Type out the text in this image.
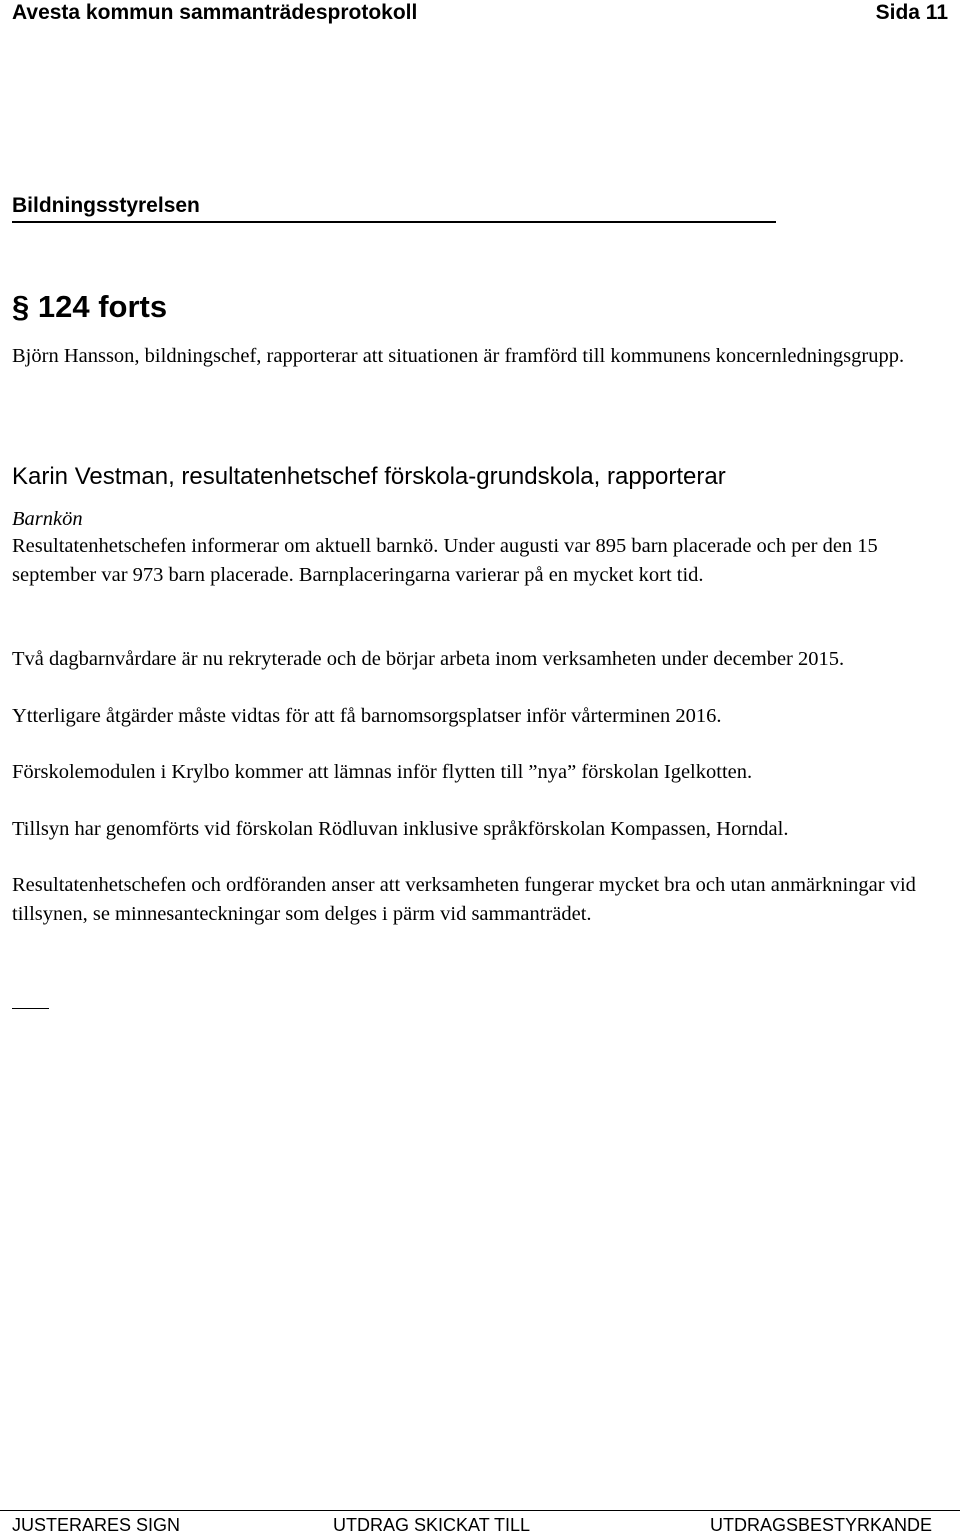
Avesta kommun sammanträdesprotokoll	Sida 11
Bildningsstyrelsen
§ 124 forts
Björn Hansson, bildningschef, rapporterar att situationen är framförd till kommunens koncernledningsgrupp.
Karin Vestman, resultatenhetschef förskola-grundskola, rapporterar
Barnkön
Resultatenhetschefen informerar om aktuell barnkö. Under augusti var 895 barn placerade och per den 15 september var 973 barn placerade. Barnplaceringarna varierar på en mycket kort tid.
Två dagbarnvårdare är nu rekryterade och de börjar arbeta inom verksamheten under december 2015.
Ytterligare åtgärder måste vidtas för att få barnomsorgsplatser inför vårterminen 2016.
Förskolemodulen i Krylbo kommer att lämnas inför flytten till ”nya” förskolan Igelkotten.
Tillsyn har genomförts vid förskolan Rödluvan inklusive språkförskolan Kompassen, Horndal.
Resultatenhetschefen och ordföranden anser att verksamheten fungerar mycket bra och utan anmärkningar vid tillsynen, se minnesanteckningar som delges i pärm vid sammanträdet.
JUSTERARES SIGN	UTDRAG SKICKAT TILL	UTDRAGSBESTYRKANDE
